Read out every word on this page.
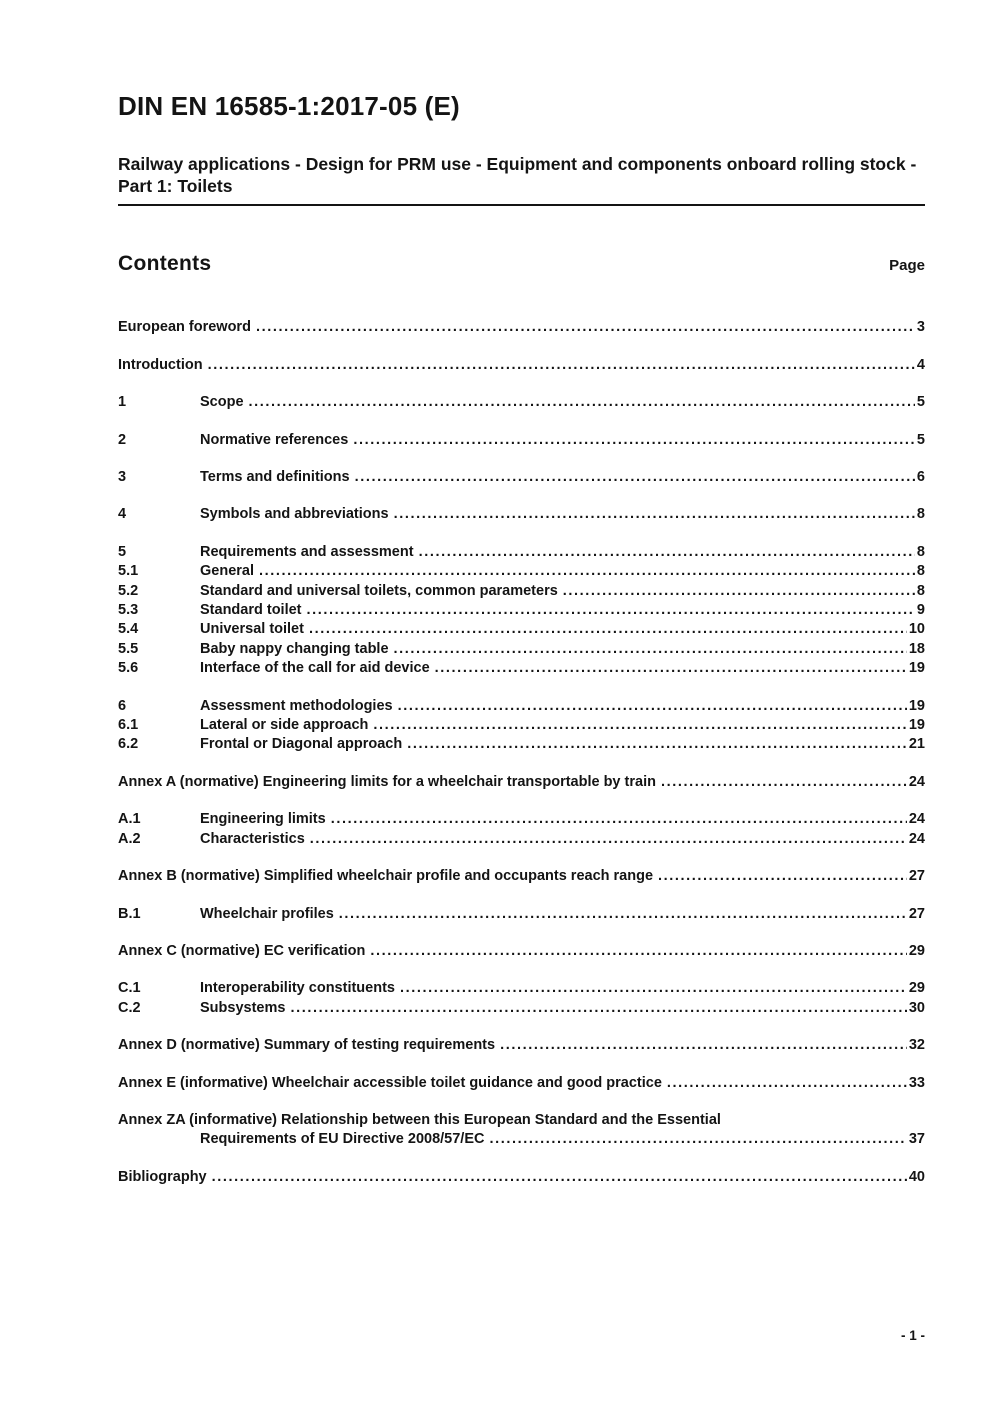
DIN EN 16585-1:2017-05 (E)
Railway applications - Design for PRM use - Equipment and components onboard rolling stock - Part 1: Toilets
Contents	Page
European foreword .....	3
Introduction .....	4
1	Scope .....	5
2	Normative references .....	5
3	Terms and definitions .....	6
4	Symbols and abbreviations .....	8
5	Requirements and assessment .....	8
5.1	General .....	8
5.2	Standard and universal toilets, common parameters .....	8
5.3	Standard toilet .....	9
5.4	Universal toilet .....	10
5.5	Baby nappy changing table .....	18
5.6	Interface of the call for aid device .....	19
6	Assessment methodologies .....	19
6.1	Lateral or side approach .....	19
6.2	Frontal or Diagonal approach .....	21
Annex A (normative) Engineering limits for a wheelchair transportable by train .....	24
A.1	Engineering limits .....	24
A.2	Characteristics .....	24
Annex B (normative) Simplified wheelchair profile and occupants reach range .....	27
B.1	Wheelchair profiles .....	27
Annex C (normative) EC verification .....	29
C.1	Interoperability constituents .....	29
C.2	Subsystems .....	30
Annex D (normative) Summary of testing requirements .....	32
Annex E (informative) Wheelchair accessible toilet guidance and good practice .....	33
Annex ZA (informative) Relationship between this European Standard and the Essential
Requirements of EU Directive 2008/57/EC .....	37
Bibliography .....	40
- 1 -
